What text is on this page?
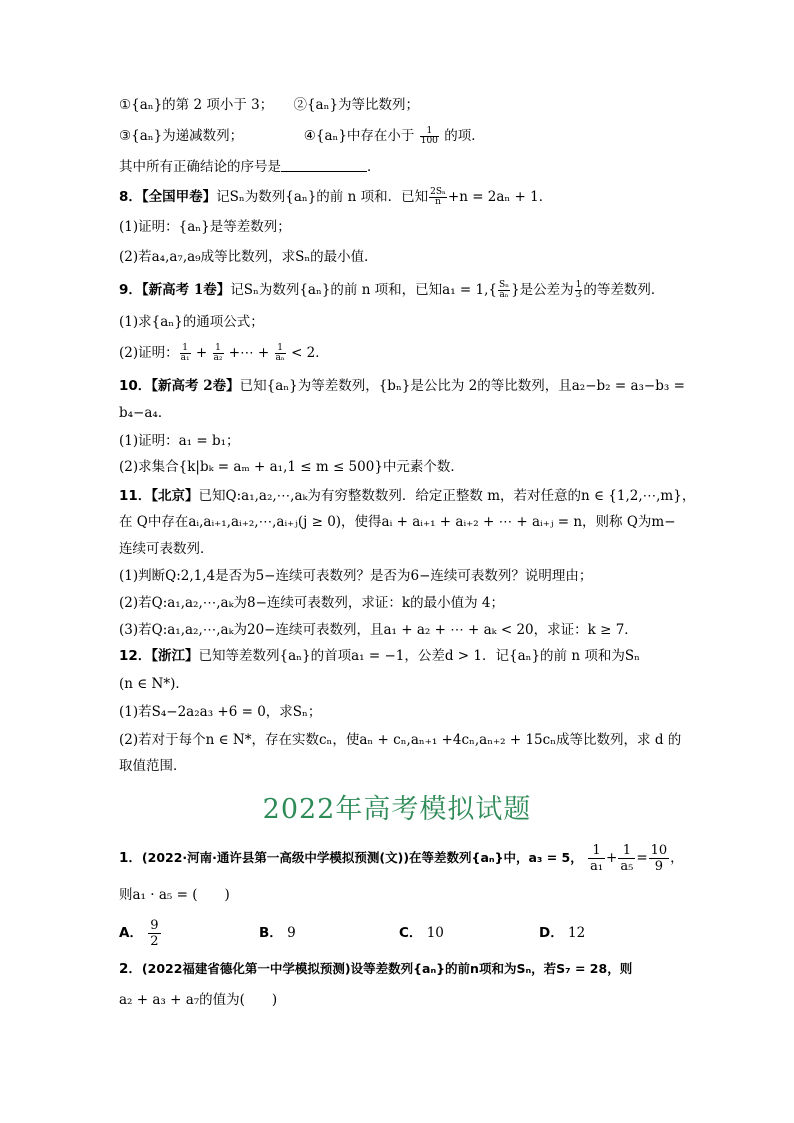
①{aₙ}的第 2 项小于 3；　　②{aₙ}为等比数列；
③{aₙ}为递减数列；	④{aₙ}中存在小于 $\frac{1}{100}$ 的项．
其中所有正确结论的序号是	．
8．【全国甲卷】记Sₙ为数列{aₙ}的前 n 项和．已知 $\frac{\text{2Sₙ}}{n} +n = 2a_n + 1$．
(1)证明：{aₙ}是等差数列；
(2)若a₄,a₇,a₉成等比数列，求Sₙ的最小值．
9．【新高考 1卷】记Sₙ为数列{aₙ}的前 n 项和，已知$a_1 = 1,\{ \frac{\text{Sₙ}}{\text{aₙ}}$ }是公差为 $\frac{1}{3}$ 的等差数列．
(1)求{aₙ}的通项公式；
(2)证明： $\frac{1}{\text{a₁}} + \frac{1}{\text{a₂}}$ +⋯ + $\frac{1}{\text{aₙ}} < 2$．
10．【新高考 2卷】已知{aₙ}为等差数列，{bₙ}是公比为 2的等比数列，且a₂−b₂ = a₃−b₃ =
b₄−a₄．
(1)证明：a₁ = b₁；
(2)求集合{k|bₖ = aₘ + a₁,1 ≤ m ≤ 500}中元素个数．
11．【北京】已知Q:a₁,a₂,⋯,aₖ为有穷整数数列．给定正整数 m，若对任意的n ∈ {1,2,⋯,m}，
在 Q中存在aᵢ,aᵢ₊₁,aᵢ₊₂,⋯,aᵢ₊ⱼ(j ≥ 0)，使得aᵢ + aᵢ₊₁ + aᵢ₊₂ + ⋯ + aᵢ₊ⱼ = n，则称 Q为m−
连续可表数列．
(1)判断Q:2,1,4是否为5−连续可表数列？是否为6−连续可表数列？说明理由；
(2)若Q:a₁,a₂,⋯,aₖ为8−连续可表数列，求证：k的最小值为 4；
(3)若Q:a₁,a₂,⋯,aₖ为20−连续可表数列，且a₁ + a₂ + ⋯ + aₖ < 20，求证：k ≥ 7．
12．【浙江】已知等差数列{aₙ}的首项a₁ = −1，公差d > 1．记{aₙ}的前 n 项和为Sₙ
(n ∈ N*)．
(1)若S₄−2a₂a₃ +6 = 0，求Sₙ；
(2)若对于每个n ∈ N*，存在实数cₙ，使aₙ + cₙ,aₙ₊₁ +4cₙ,aₙ₊₂ + 15cₙ成等比数列，求 d 的
取值范围．
2022年高考模拟试题
1．(2022·河南·通许县第一高级中学模拟预测(文))在等差数列{aₙ}中，a₃ = 5， $\frac{1}{\text{a₁}} + \frac{1}{\text{a₅}} = \frac{10}{9}$ ，
则a₁ · a₅ = (　　)
A． $\frac{9}{2}$	B． 9	C． 10	D． 12
2．(2022福建省德化第一中学模拟预测)设等差数列{aₙ}的前n项和为Sₙ，若S₇ = 28，则
a₂ + a₃ + a₇的值为(　　)
